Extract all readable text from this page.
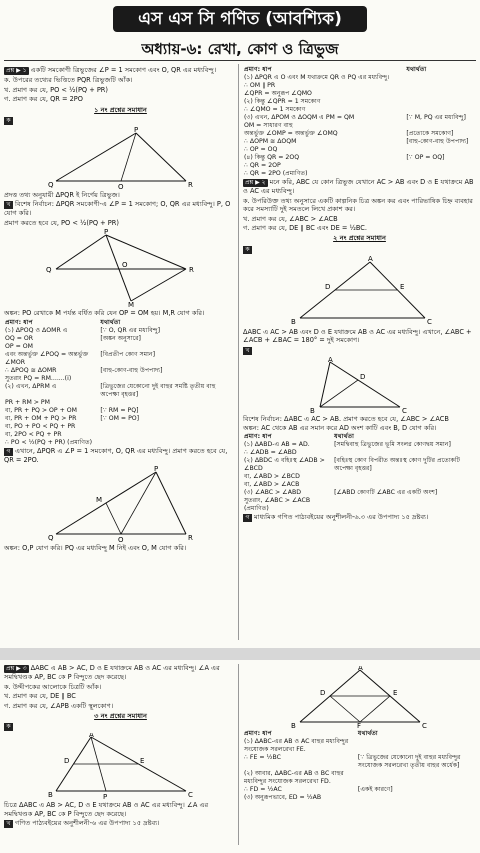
এস এস সি গণিত (আবশ্যিক)
অধ্যায়-৬: রেখা, কোণ ও ত্রিভুজ

প্রশ্ন ▶ ১ একটি সমকোণী ত্রিভুজের ∠P = 1 সমকোণ এবং O, QR এর মধ্যবিন্দু।

ক. উপরের তথ্যের ভিত্তিতে PQR ত্রিভুজটি আঁক।

খ. প্রমাণ কর যে, PO < ½(PQ + PR)

গ. প্রমাণ কর যে, QR = 2PO

১ নং প্রশ্নের সমাধান
ক
P
Q	O	R

প্রদত্ত তথ্য অনুযায়ী ΔPQR ই নির্ণেয় ত্রিভুজ।

খ বিশেষ নির্বাচন: ΔPQR সমকোণী-এ ∠P = 1 সমকোণ; O, QR এর মধ্যবিন্দু। P, O যোগ করি।

প্রমাণ করতে হবে যে, PO < ½(PQ + PR)

P
Q
O
R
M

অঙ্কন: PO রেখাকে M পর্যন্ত বর্ধিত করি যেন OP = OM হয়। M,R যোগ করি।

প্রমাণ: ধাপ	যথার্থতা
(১) ΔPOQ ও ΔOMR এ	[∵ O, QR এর মধ্যবিন্দু]
OQ = OR	[অঙ্কন অনুসারে]
OP = OM	
এবং অন্তর্ভুক্ত ∠POQ = অন্তর্ভুক্ত ∠MOR	[বিপ্রতীপ কোণ সমান]
∴ ΔPOQ ≅ ΔOMR	[বাহু-কোণ-বাহু উপপাদ্য]
সুতরাং PQ = RM.......(i)	
(২) এখন, ΔPRM এ	[ত্রিভুজের যেকোনো দুই বাহুর সমষ্টি তৃতীয় বাহু অপেক্ষা বৃহত্তর]
PR + RM > PM	
বা, PR + PQ > OP + OM	[∵ RM = PQ]
বা, PR + OM + PQ > PR	[∵ OM = PO]
বা, PO + PO < PQ + PR	
বা, 2PO < PQ + PR	
∴ PO < ½(PQ + PR) (প্রমাণিত)	

গ এখানে, ΔPQR এ ∠P = 1 সমকোণ, O, QR এর মধ্যবিন্দু। প্রমাণ করতে হবে যে, QR = 2PO.

M
P
Q	O	R

অঙ্কন: O,P যোগ করি। PQ এর মধ্যবিন্দু M নিই এবং O, M যোগ করি।

প্রমাণ: ধাপ	যথার্থতা
(১) ΔPQR এ O এবং M যথাক্রমে QR ও PQ এর মধ্যবিন্দু।	
∴ OM ∥ PR	
∠QPR = অনুরূপ ∠QMO	
(২) কিন্তু ∠QPR = 1 সমকোণ	
∴ ∠QMO = 1 সমকোণ	
(৩) এখন, ΔPOM ও ΔOQM এ PM = QM	[∵ M, PQ এর মধ্যবিন্দু]
OM = সাধারণ বাহু	
অন্তর্ভুক্ত ∠OMP = অন্তর্ভুক্ত ∠OMQ	[প্রত্যেকে সমকোণ]
∴ ΔOPM ≅ ΔOQM	[বাহু-কোণ-বাহু উপপাদ্য]
∴ OP = OQ	
(৪) কিন্তু QR = 2OQ	[∵ OP = OQ]
∴ QR = 2OP	
∴ QR = 2PO (প্রমাণিত)	

প্রশ্ন ▶ ২ মনে করি, ABC যে কোন ত্রিভুজ যেখানে AC > AB এবং D ও E যথাক্রমে AB ও AC এর মধ্যবিন্দু।

ক. উপরিউক্ত তথ্য অনুসারে একটি কাল্পনিক চিত্র অঙ্কন কর এবং পারিভাষিক চিহ্ন ব্যবহার করে সমস্যাটি দুই সমতলে লিখে প্রকাশ কর।

খ. প্রমাণ কর যে, ∠ABC > ∠ACB

গ. প্রমাণ কর যে, DE ∥ BC এবং DE = ½BC.

২ নং প্রশ্নের সমাধান
ক
A
D	E
B	C

ΔABC এ AC > AB এবং D ও E যথাক্রমে AB ও AC এর মধ্যবিন্দু। এখানে, ∠ABC + ∠ACB + ∠BAC = 180° = দুই সমকোণ।

খ
A
D
B	C

বিশেষ নির্বাচন: ΔABC এ AC > AB. প্রমাণ করতে হবে যে, ∠ABC > ∠ACB

অঙ্কন: AC থেকে AB এর সমান করে AD অংশ কাটি এবং B, D যোগ করি।

প্রমাণ: ধাপ	যথার্থতা
(১) ΔABD-এ AB = AD.	[সমদ্বিবাহু ত্রিভুজের ভূমি সংলগ্ন কোণদ্বয় সমান]
∴ ∠ADB = ∠ABD	
(২) ΔBDC এ বহিঃস্থ ∠ADB > ∠BCD	[বহিঃস্থ কোণ বিপরীত অন্তঃস্থ কোণ দুটির প্রত্যেকটি অপেক্ষা বৃহত্তর]
বা, ∠ABD > ∠BCD	
বা, ∠ABD > ∠ACB	
(৩) ∠ABC > ∠ABD	[∠ABD কোণটি ∠ABC এর একটি অংশ]
সুতরাং, ∠ABC > ∠ACB	
(প্রমাণিত)	

গ মাধ্যমিক গণিত পাঠ্যবইয়ের অনুশীলনী-৬.৩ এর উপপাদ্য ১৫ দ্রষ্টব্য।

প্রশ্ন ▶ ৩ ΔABC এ AB > AC, D ও E যথাক্রমে AB ও AC এর মধ্যবিন্দু। ∠A এর সমদ্বিখণ্ডক AP, BC কে P বিন্দুতে ছেদ করেছে।

ক. উদ্দীপকের আলোকে চিত্রটি আঁক।

খ. প্রমাণ কর যে, DE ∥ BC

গ. প্রমাণ কর যে, ∠APB একটি স্থূলকোণ।

৩ নং প্রশ্নের সমাধান
ক
A
D	E
B	P	C

চিত্রে ΔABC এ AB > AC, D ও E যথাক্রমে AB ও AC এর মধ্যবিন্দু। ∠A এর সমদ্বিখণ্ডক AP, BC কে P বিন্দুতে ছেদ করেছে।

খ গণিত পাঠ্যবইয়ের অনুশীলনী-৬ এর উপপাদ্য ১৫ দ্রষ্টব্য।

A
D	E
B	F	C
প্রমাণ: ধাপ	যথার্থতা
(১) ΔABC-এর AB ও AC বাহুর মধ্যবিন্দুর সংযোজক সরলরেখা FE.	
∴ FE = ½BC	[∵ ত্রিভুজের যেকোনো দুই বাহুর মধ্যবিন্দুর সংযোজক সরলরেখা তৃতীয় বাহুর অর্ধেক]
(২) আবার, ΔABC-এর AB ও BC বাহুর মধ্যবিন্দুর সংযোজক সরলরেখা FD.	
∴ FD = ½AC	[একই কারণে]
(৩) অনুরূপভাবে, ED = ½AB	
